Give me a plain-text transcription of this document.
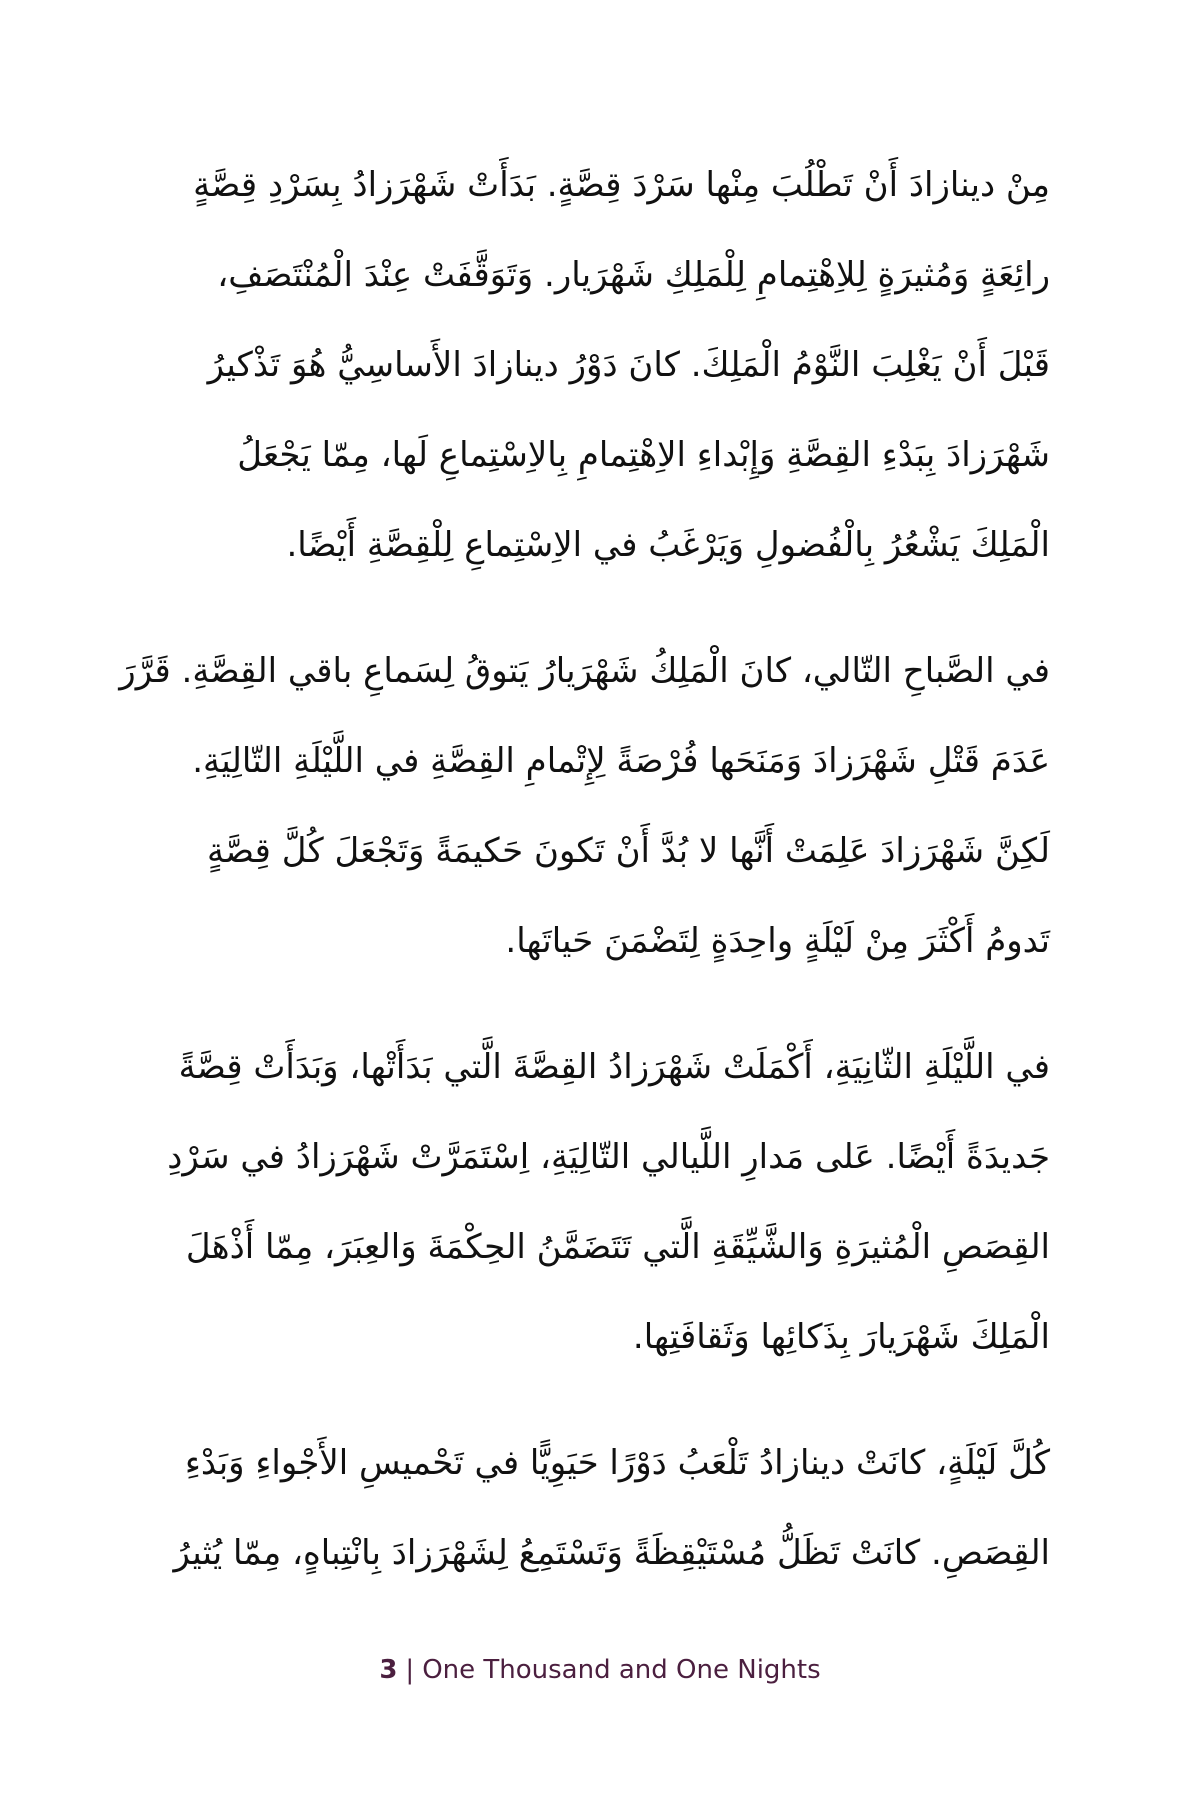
مِنْ دينازادَ أَنْ تَطْلُبَ مِنْها سَرْدَ قِصَّةٍ. بَدَأَتْ شَهْرَزادُ بِسَرْدِ قِصَّةٍ
رائِعَةٍ وَمُثيرَةٍ لِلاِهْتِمامِ لِلْمَلِكِ شَهْرَيار. وَتَوَقَّفَتْ عِنْدَ الْمُنْتَصَفِ،
قَبْلَ أَنْ يَغْلِبَ النَّوْمُ الْمَلِكَ. كانَ دَوْرُ دينازادَ الأَساسِيُّ هُوَ تَذْكيرُ
شَهْرَزادَ بِبَدْءِ القِصَّةِ وَإِبْداءِ الاِهْتِمامِ بِالاِسْتِماعِ لَها، مِمّا يَجْعَلُ
الْمَلِكَ يَشْعُرُ بِالْفُضولِ وَيَرْغَبُ في الاِسْتِماعِ لِلْقِصَّةِ أَيْضًا.
في الصَّباحِ التّالي، كانَ الْمَلِكُ شَهْرَيارُ يَتوقُ لِسَماعِ باقي القِصَّةِ. قَرَّرَ
عَدَمَ قَتْلِ شَهْرَزادَ وَمَنَحَها فُرْصَةً لِإِتْمامِ القِصَّةِ في اللَّيْلَةِ التّالِيَةِ.
لَكِنَّ شَهْرَزادَ عَلِمَتْ أَنَّها لا بُدَّ أَنْ تَكونَ حَكيمَةً وَتَجْعَلَ كُلَّ قِصَّةٍ
تَدومُ أَكْثَرَ مِنْ لَيْلَةٍ واحِدَةٍ لِتَضْمَنَ حَياتَها.
في اللَّيْلَةِ الثّانِيَةِ، أَكْمَلَتْ شَهْرَزادُ القِصَّةَ الَّتي بَدَأَتْها، وَبَدَأَتْ قِصَّةً
جَديدَةً أَيْضًا. عَلى مَدارِ اللَّيالي التّالِيَةِ، اِسْتَمَرَّتْ شَهْرَزادُ في سَرْدِ
القِصَصِ الْمُثيرَةِ وَالشَّيِّقَةِ الَّتي تَتَضَمَّنُ الحِكْمَةَ وَالعِبَرَ، مِمّا أَذْهَلَ
الْمَلِكَ شَهْرَيارَ بِذَكائِها وَثَقافَتِها.
كُلَّ لَيْلَةٍ، كانَتْ دينازادُ تَلْعَبُ دَوْرًا حَيَوِيًّا في تَحْميسِ الأَجْواءِ وَبَدْءِ
القِصَصِ. كانَتْ تَظَلُّ مُسْتَيْقِظَةً وَتَسْتَمِعُ لِشَهْرَزادَ بِانْتِباهٍ، مِمّا يُثيرُ
3 | One Thousand and One Nights
